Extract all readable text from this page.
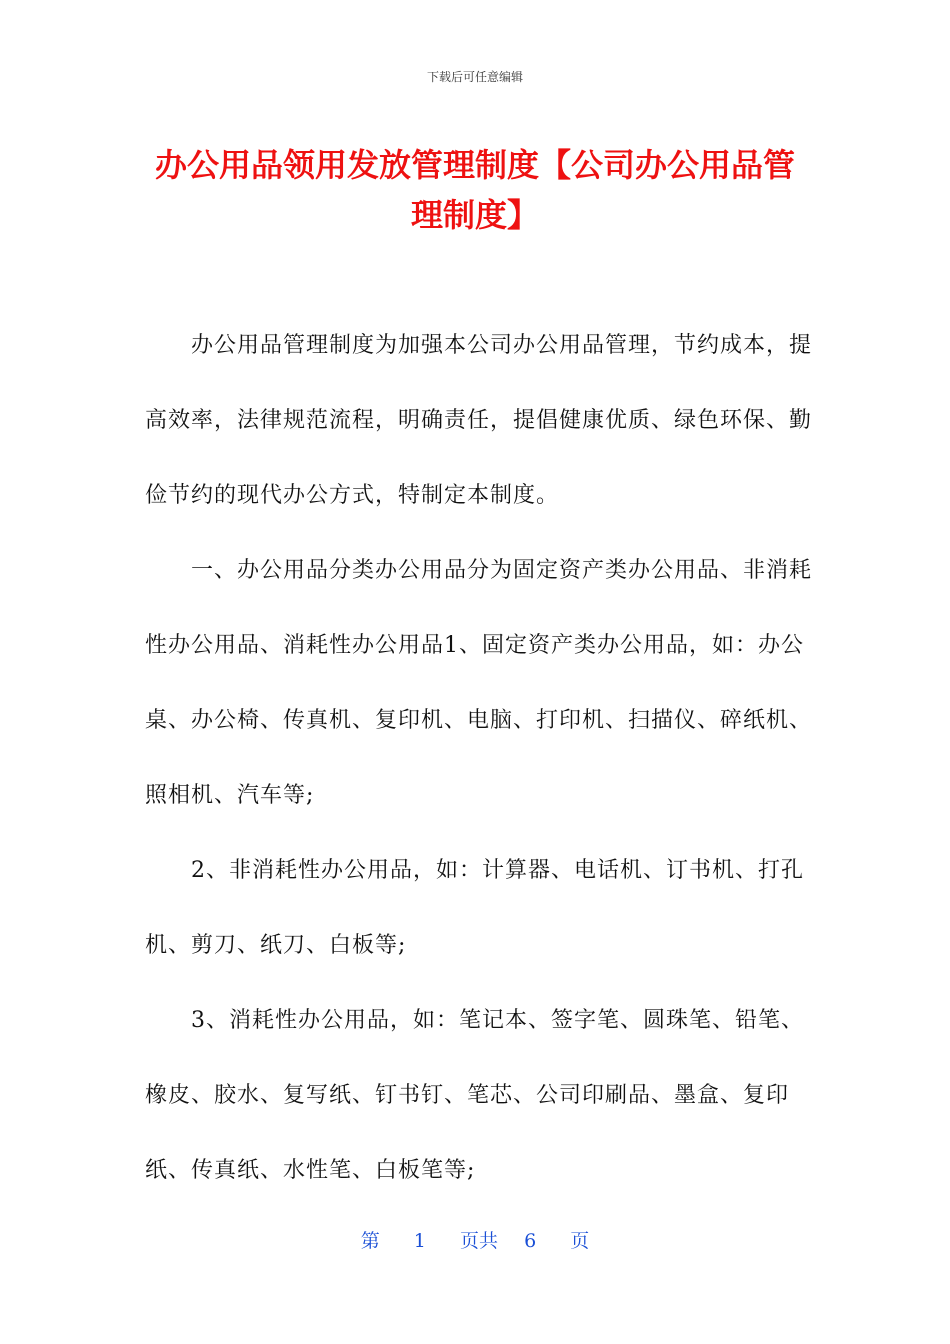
下载后可任意编辑
办公用品领用发放管理制度【公司办公用品管理制度】

办公用品管理制度为加强本公司办公用品管理，节约成本，提高效率，法律规范流程，明确责任，提倡健康优质、绿色环保、勤俭节约的现代办公方式，特制定本制度。

一、办公用品分类办公用品分为固定资产类办公用品、非消耗性办公用品、消耗性办公用品1、固定资产类办公用品，如：办公桌、办公椅、传真机、复印机、电脑、打印机、扫描仪、碎纸机、照相机、汽车等;

2、非消耗性办公用品，如：计算器、电话机、订书机、打孔机、剪刀、纸刀、白板等;

3、消耗性办公用品，如：笔记本、签字笔、圆珠笔、铅笔、橡皮、胶水、复写纸、钉书钉、笔芯、公司印刷品、墨盒、复印纸、传真纸、水性笔、白板笔等;

第 1 页共 6 页
